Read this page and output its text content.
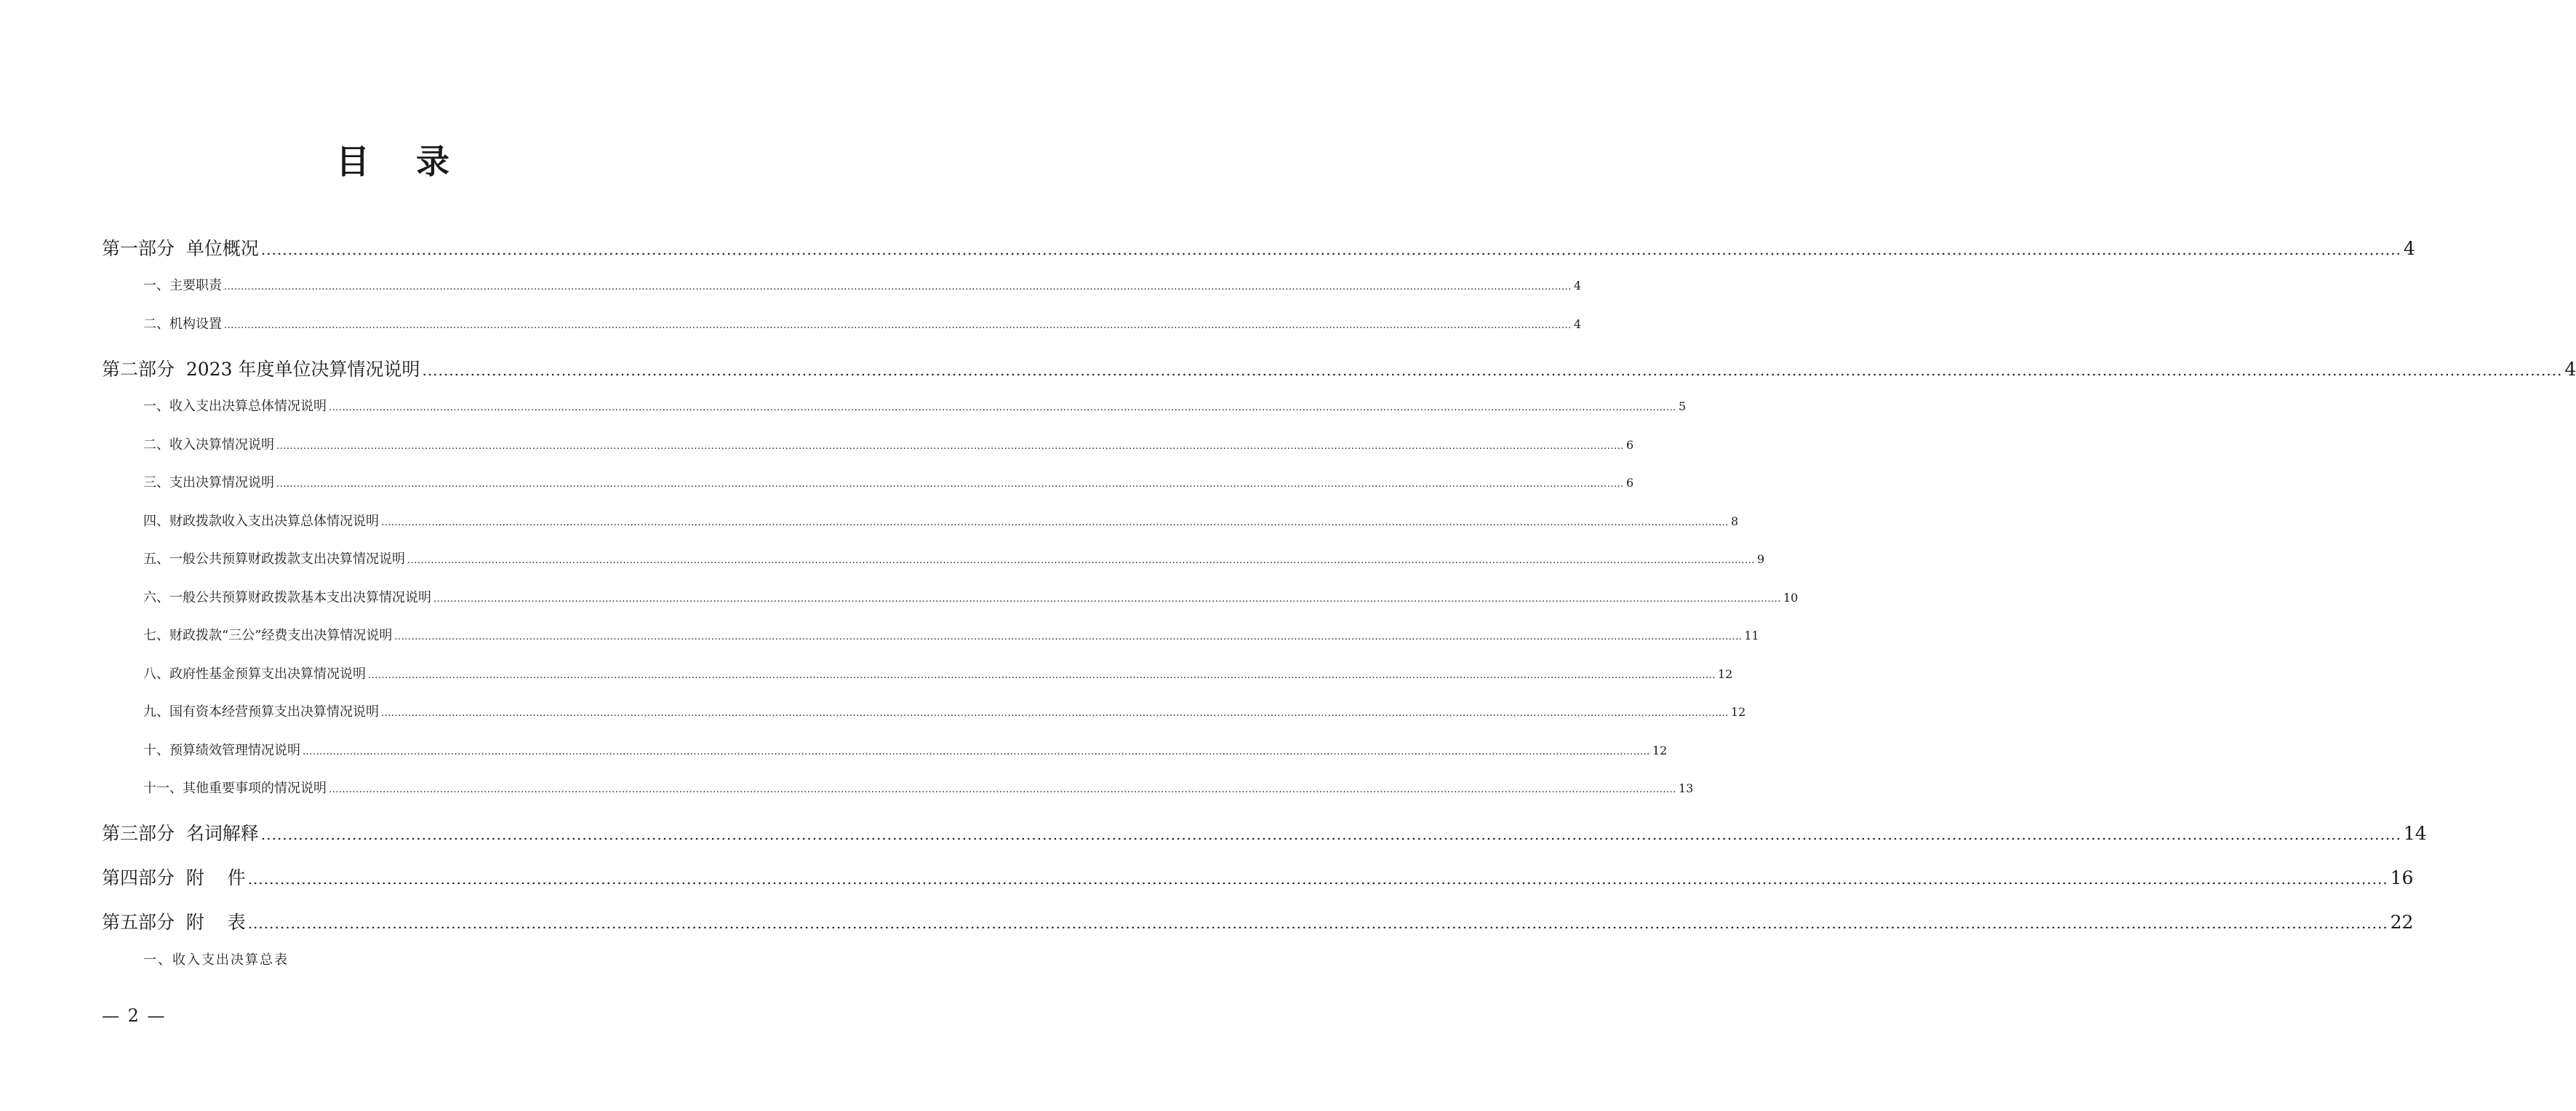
目 录
第一部分  单位概况 ................................................................................................................................................................................................................................................................................................................................................................................................................ 4
一、主要职责 ................................................................................................................................................................................................................................................................................................................................................................................................................ 4
二、机构设置 ................................................................................................................................................................................................................................................................................................................................................................................................................ 4
第二部分  2023 年度单位决算情况说明 ................................................................................................................................................................................................................................................................................................................................................................................................................ 4
一、收入支出决算总体情况说明 ................................................................................................................................................................................................................................................................................................................................................................................................................ 5
二、收入决算情况说明 ................................................................................................................................................................................................................................................................................................................................................................................................................ 6
三、支出决算情况说明 ................................................................................................................................................................................................................................................................................................................................................................................................................ 6
四、财政拨款收入支出决算总体情况说明 ................................................................................................................................................................................................................................................................................................................................................................................................................ 8
五、一般公共预算财政拨款支出决算情况说明 ................................................................................................................................................................................................................................................................................................................................................................................................................ 9
六、一般公共预算财政拨款基本支出决算情况说明 ................................................................................................................................................................................................................................................................................................................................................................................................................ 10
七、财政拨款“三公”经费支出决算情况说明 ................................................................................................................................................................................................................................................................................................................................................................................................................ 11
八、政府性基金预算支出决算情况说明 ................................................................................................................................................................................................................................................................................................................................................................................................................ 12
九、国有资本经营预算支出决算情况说明 ................................................................................................................................................................................................................................................................................................................................................................................................................ 12
十、预算绩效管理情况说明 ................................................................................................................................................................................................................................................................................................................................................................................................................ 12
十一、其他重要事项的情况说明 ................................................................................................................................................................................................................................................................................................................................................................................................................ 13
第三部分  名词解释 ................................................................................................................................................................................................................................................................................................................................................................................................................ 14
第四部分  附    件 ................................................................................................................................................................................................................................................................................................................................................................................................................ 16
第五部分  附    表 ................................................................................................................................................................................................................................................................................................................................................................................................................ 22
一、收入支出决算总表
— 2 —
